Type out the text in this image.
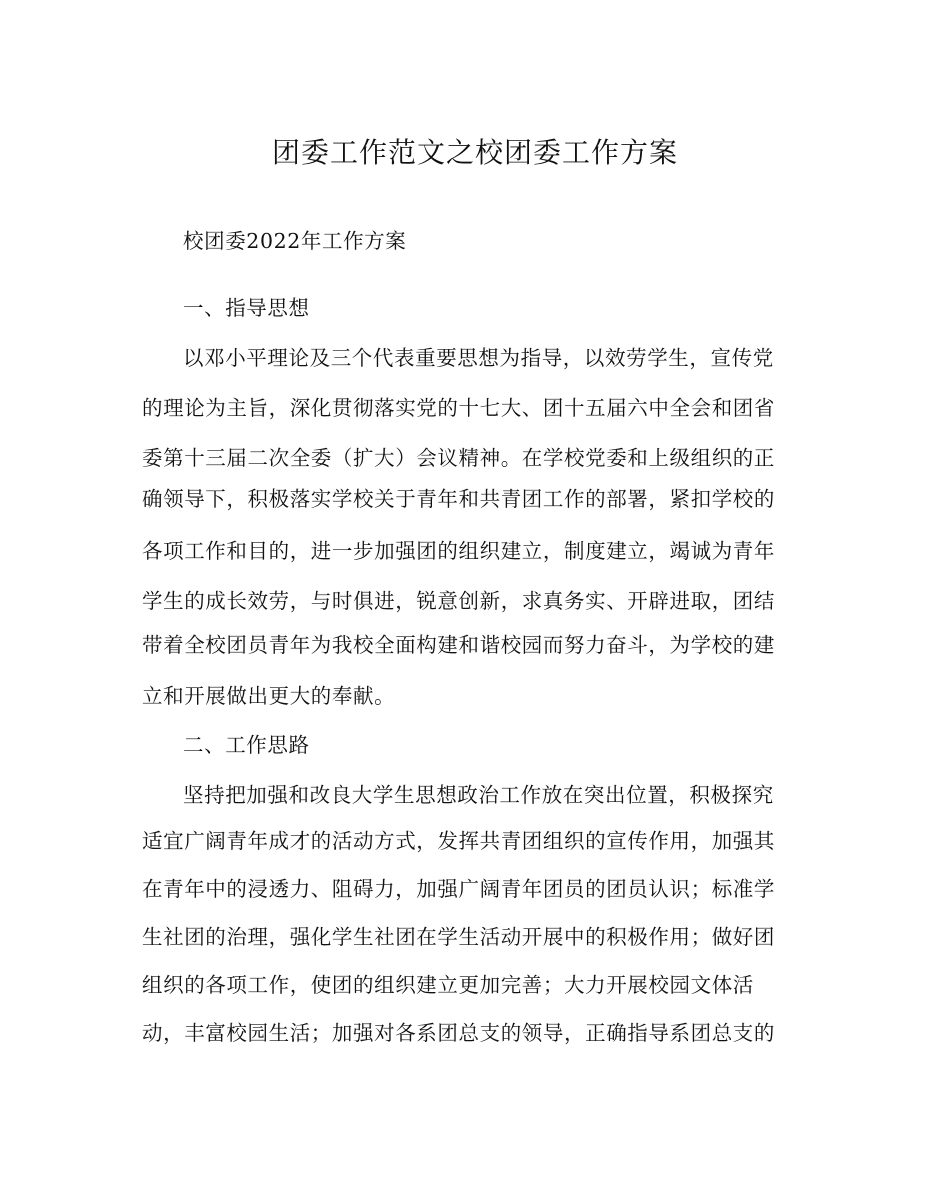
团委工作范文之校团委工作方案
校团委2022年工作方案
一、指导思想
以邓小平理论及三个代表重要思想为指导，以效劳学生，宣传党
的理论为主旨，深化贯彻落实党的十七大、团十五届六中全会和团省
委第十三届二次全委（扩大）会议精神。在学校党委和上级组织的正
确领导下，积极落实学校关于青年和共青团工作的部署，紧扣学校的
各项工作和目的，进一步加强团的组织建立，制度建立，竭诚为青年
学生的成长效劳，与时俱进，锐意创新，求真务实、开辟进取，团结
带着全校团员青年为我校全面构建和谐校园而努力奋斗，为学校的建
立和开展做出更大的奉献。
二、工作思路
坚持把加强和改良大学生思想政治工作放在突出位置，积极探究
适宜广阔青年成才的活动方式，发挥共青团组织的宣传作用，加强其
在青年中的浸透力、阻碍力，加强广阔青年团员的团员认识；标准学
生社团的治理，强化学生社团在学生活动开展中的积极作用；做好团
组织的各项工作，使团的组织建立更加完善；大力开展校园文体活
动，丰富校园生活；加强对各系团总支的领导，正确指导系团总支的
